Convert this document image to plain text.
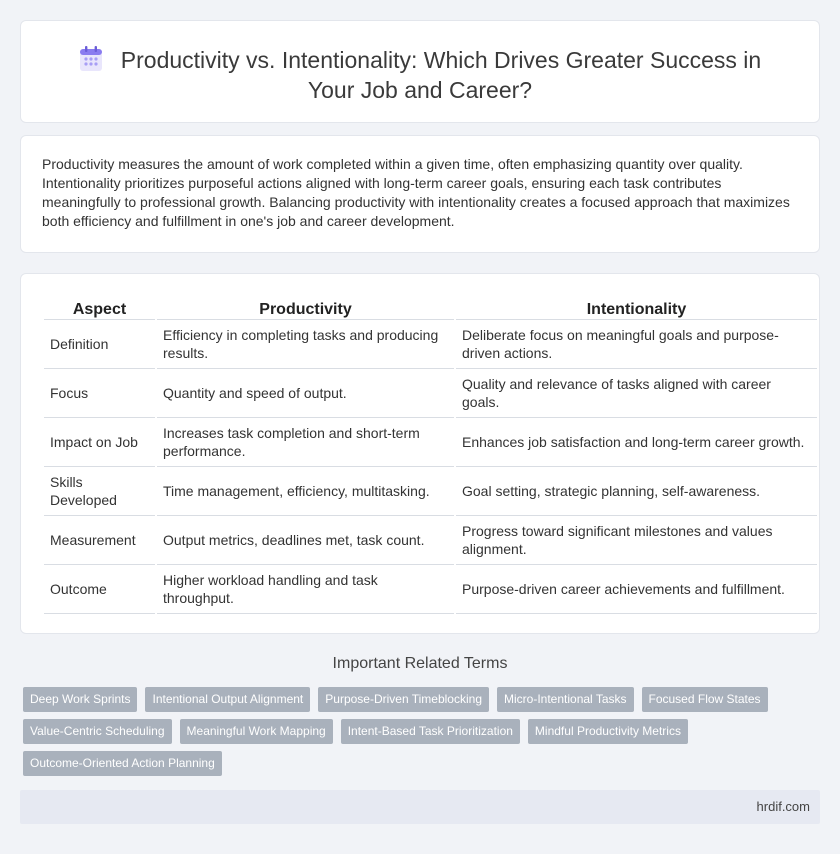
Productivity vs. Intentionality: Which Drives Greater Success in Your Job and Career?

Productivity measures the amount of work completed within a given time, often emphasizing quantity over quality. Intentionality prioritizes purposeful actions aligned with long-term career goals, ensuring each task contributes meaningfully to professional growth. Balancing productivity with intentionality creates a focused approach that maximizes both efficiency and fulfillment in one's job and career development.

Aspect	Productivity	Intentionality
Definition	Efficiency in completing tasks and producing results.	Deliberate focus on meaningful goals and purpose-driven actions.
Focus	Quantity and speed of output.	Quality and relevance of tasks aligned with career goals.
Impact on Job	Increases task completion and short-term performance.	Enhances job satisfaction and long-term career growth.
Skills Developed	Time management, efficiency, multitasking.	Goal setting, strategic planning, self-awareness.
Measurement	Output metrics, deadlines met, task count.	Progress toward significant milestones and values alignment.
Outcome	Higher workload handling and task throughput.	Purpose-driven career achievements and fulfillment.
Important Related Terms
Deep Work Sprints	Intentional Output Alignment	Purpose-Driven Timeblocking	Micro-Intentional Tasks	Focused Flow States
Value-Centric Scheduling	Meaningful Work Mapping	Intent-Based Task Prioritization	Mindful Productivity Metrics
Outcome-Oriented Action Planning
hrdif.com
